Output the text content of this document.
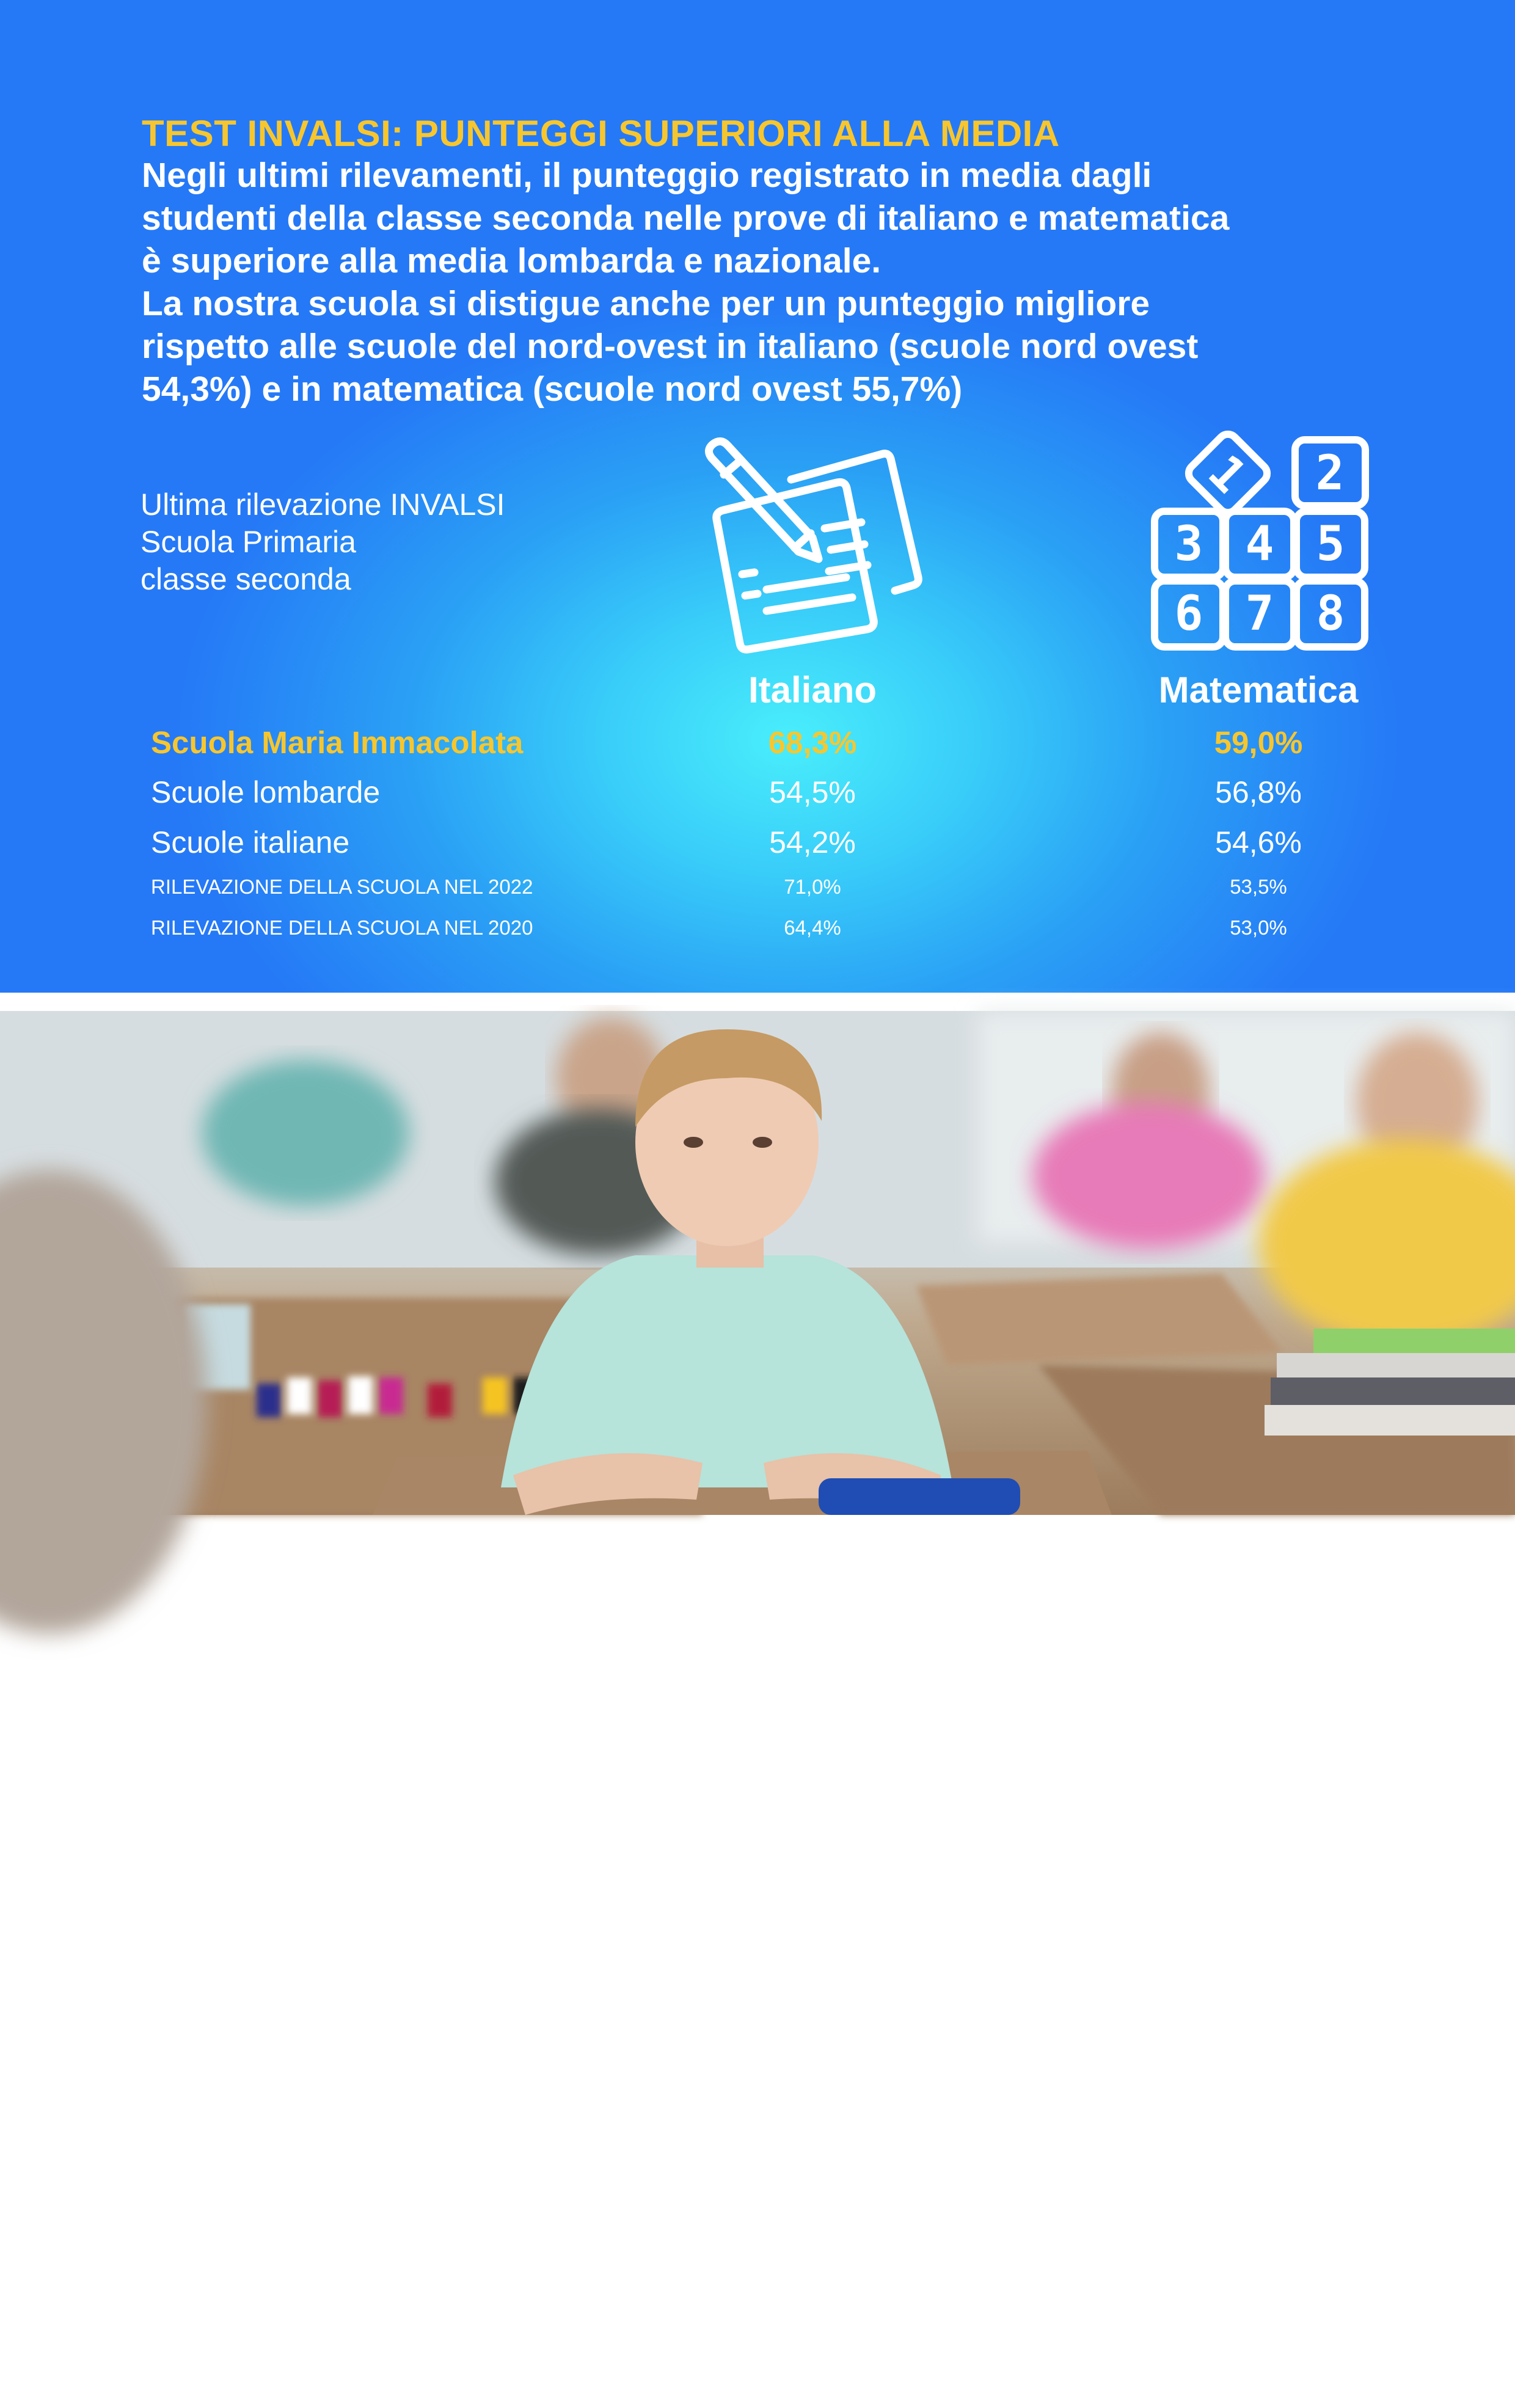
TEST INVALSI: PUNTEGGI SUPERIORI ALLA MEDIA

Negli ultimi rilevamenti, il punteggio registrato in media dagli
studenti della classe seconda nelle prove di italiano e matematica
è superiore alla media lombarda e nazionale.
La nostra scuola si distigue anche per un punteggio migliore
rispetto alle scuole del nord-ovest in italiano (scuole nord ovest
54,3%) e in matematica (scuole nord ovest 55,7%)

Ultima rilevazione INVALSI
Scuola Primaria
classe seconda

1 2
3 4 5
6 7 8
Italiano	Matematica
Scuola Maria Immacolata	68,3%	59,0%
Scuole lombarde	54,5%	56,8%
Scuole italiane	54,2%	54,6%
RILEVAZIONE DELLA SCUOLA NEL 2022	71,0%	53,5%
RILEVAZIONE DELLA SCUOLA NEL 2020	64,4%	53,0%

18
